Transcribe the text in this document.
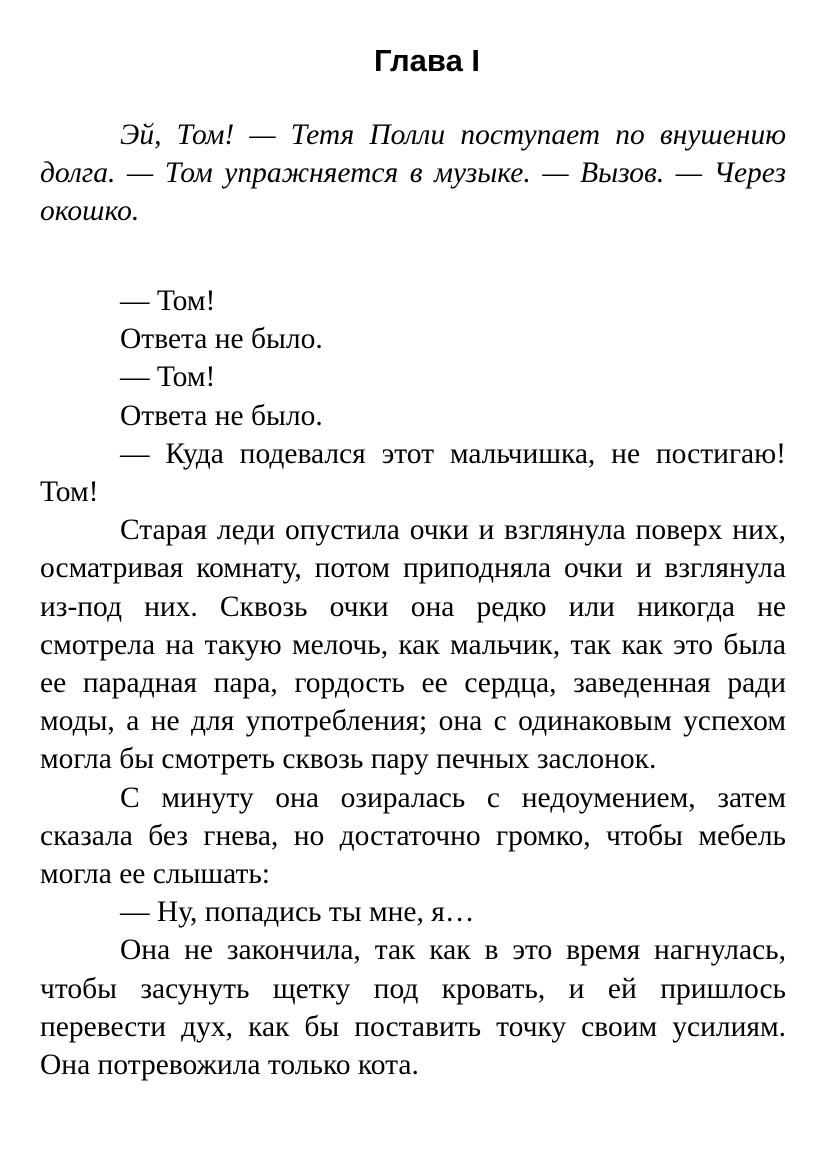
Глава I

Эй, Том! — Тетя Полли поступает по внушению долга. — Том упражняется в музыке. — Вызов. — Через окошко.

— Том!

Ответа не было.

— Том!

Ответа не было.

— Куда подевался этот мальчишка, не постигаю! Том!

Старая леди опустила очки и взглянула поверх них, осматривая комнату, потом приподняла очки и взглянула из-под них. Сквозь очки она редко или никогда не смотрела на такую мелочь, как мальчик, так как это была ее парадная пара, гордость ее сердца, заведенная ради моды, а не для употребления; она с одинаковым успехом могла бы смотреть сквозь пару печных заслонок.

С минуту она озиралась с недоумением, затем сказала без гнева, но достаточно громко, чтобы мебель могла ее слышать:

— Ну, попадись ты мне, я…

Она не закончила, так как в это время нагнулась, чтобы засунуть щетку под кровать, и ей пришлось перевести дух, как бы поставить точку своим усилиям. Она потревожила только кота.
